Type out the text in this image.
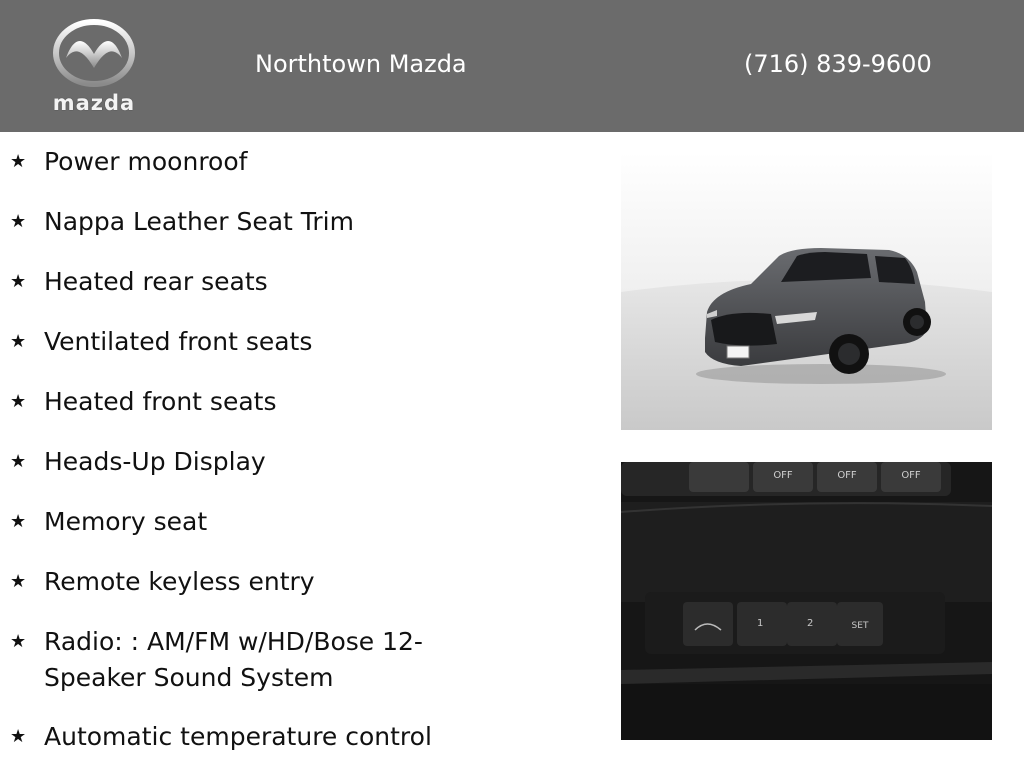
mazda
Northtown Mazda	(716) 839-9600
★ Power moonroof
★ Nappa Leather Seat Trim
★ Heated rear seats
★ Ventilated front seats
★ Heated front seats
★ Heads-Up Display
★ Memory seat
★ Remote keyless entry
★ Radio: : AM/FM w/HD/Bose 12-Speaker Sound System
★ Automatic temperature control
OFF	OFF	OFF
1	2	SET
